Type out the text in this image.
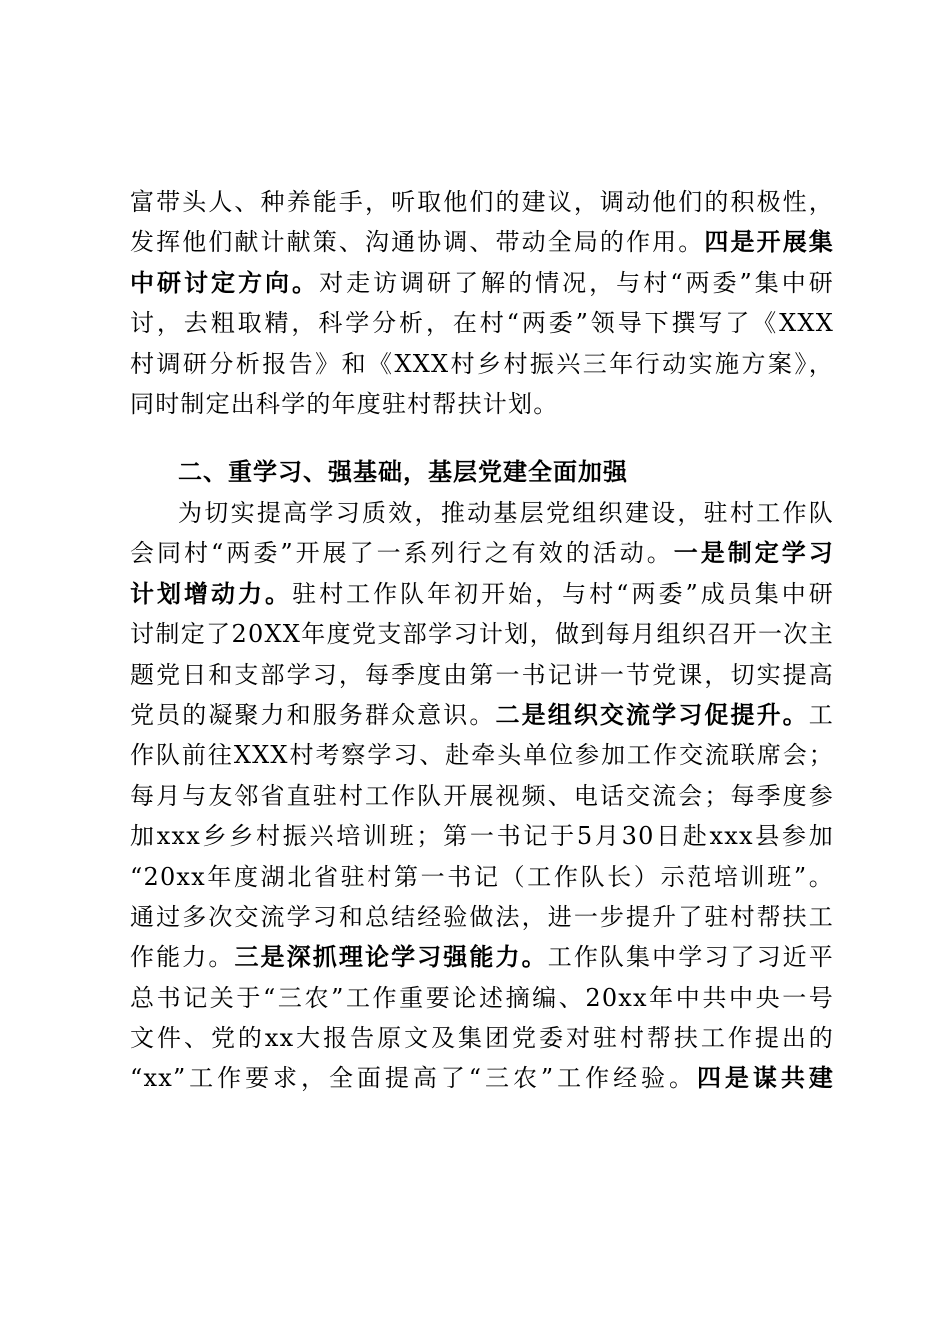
富带头人、种养能手，听取他们的建议，调动他们的积极性，
发挥他们献计献策、沟通协调、带动全局的作用。四是开展集
中研讨定方向。对走访调研了解的情况，与村“两委”集中研
讨，去粗取精，科学分析，在村“两委”领导下撰写了《XXX
村调研分析报告》和《XXX村乡村振兴三年行动实施方案》，
同时制定出科学的年度驻村帮扶计划。
二、重学习、强基础，基层党建全面加强
为切实提高学习质效，推动基层党组织建设，驻村工作队
会同村“两委”开展了一系列行之有效的活动。一是制定学习
计划增动力。驻村工作队年初开始，与村“两委”成员集中研
讨制定了20XX年度党支部学习计划，做到每月组织召开一次主
题党日和支部学习，每季度由第一书记讲一节党课，切实提高
党员的凝聚力和服务群众意识。二是组织交流学习促提升。工
作队前往XXX村考察学习、赴牵头单位参加工作交流联席会；
每月与友邻省直驻村工作队开展视频、电话交流会；每季度参
加xxx乡乡村振兴培训班；第一书记于5月30日赴xxx县参加
“20xx年度湖北省驻村第一书记（工作队长）示范培训班”。
通过多次交流学习和总结经验做法，进一步提升了驻村帮扶工
作能力。三是深抓理论学习强能力。工作队集中学习了习近平
总书记关于“三农”工作重要论述摘编、20xx年中共中央一号
文件、党的xx大报告原文及集团党委对驻村帮扶工作提出的
“xx”工作要求，全面提高了“三农”工作经验。四是谋共建
